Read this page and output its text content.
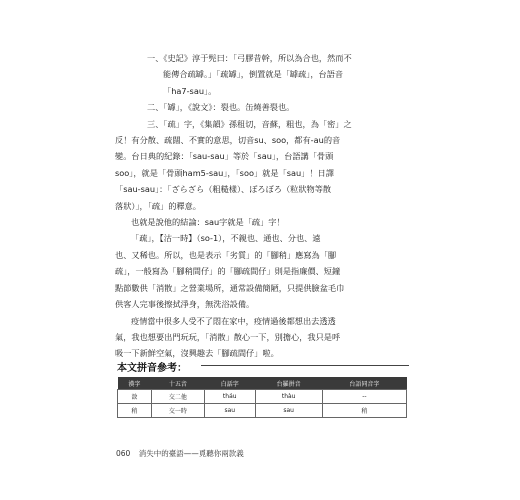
一、《史記》淳于髡曰：「弓膠昔幹，所以為合也，然而不
能傳合疏罅。」「疏罅」，倒置就是「罅疏」，台語音
「ha7-sau」。
二、「罅」，《說文》：裂也。缶燒善裂也。
三、「疏」字，《集韻》孫租切，音蘇，粗也，為「密」之
反！有分散、疏闊、不實的意思，切音su、soo，都有-au的音
變。台日典的紀錄：「sau-sau」等於「sau」，台語講「骨頭
soo」，就是「骨頭ham5-sau」，「soo」就是「sau」！日譯
「sau-sau」：「ざらざら（粗糙樣）、ぼろぼろ（粒狀物等散
落狀）」，「疏」的釋意。
也就是說他的結論：sau字就是「疏」字！
「疏」，【沽一時】（so-1），不親也、通也、分也、遠
也、又稀也。所以，也是表示「劣質」的「腳稍」應寫為「腳
疏」，一般寫為「腳稍間仔」的「腳疏間仔」則是指廉價、短鐘
點節數供「消散」之營業場所，通常設備簡陋，只提供臉盆毛巾
供客人完事後擦拭淨身，無洗浴設備。
疫情當中很多人受不了悶在家中，疫情過後都想出去透透
氣，我也想要出門玩玩，「消散」散心一下，別擔心，我只是呼
吸一下新鮮空氣，沒興趣去「腳疏間仔」啦。
本文拼音參考：
漢字	十五音	白話字	台羅拼音	台語同音字
敨	交二他	tháu	thàu	--
稍	交一時	sau	sau	稍
060 消失中的臺語——覓聽你兩款義
